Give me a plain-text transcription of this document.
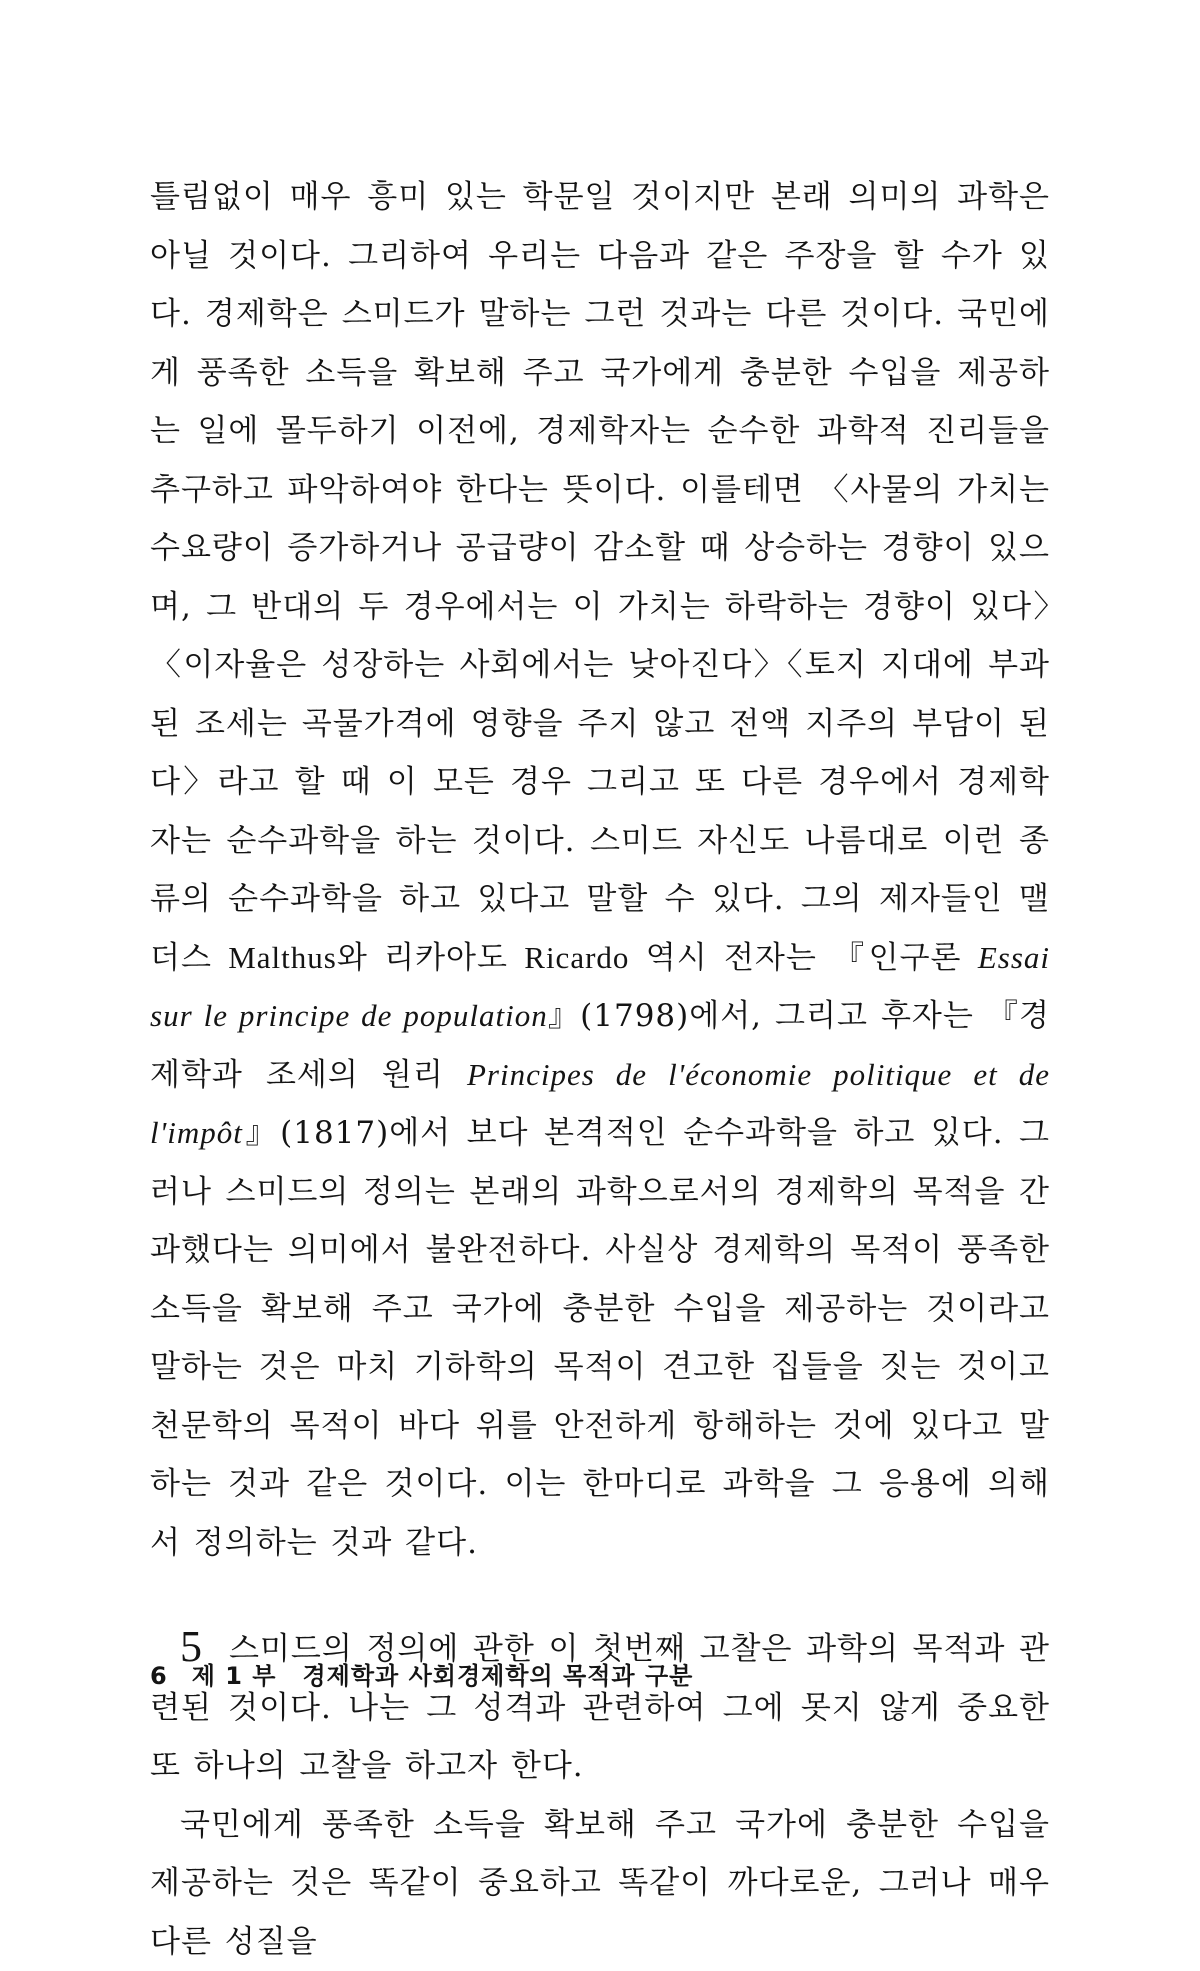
틀림없이 매우 흥미 있는 학문일 것이지만 본래 의미의 과학은 아닐 것이다. 그리하여 우리는 다음과 같은 주장을 할 수가 있다. 경제학은 스미드가 말하는 그런 것과는 다른 것이다. 국민에게 풍족한 소득을 확보해 주고 국가에게 충분한 수입을 제공하는 일에 몰두하기 이전에, 경제학자는 순수한 과학적 진리들을 추구하고 파악하여야 한다는 뜻이다. 이를테면 〈사물의 가치는 수요량이 증가하거나 공급량이 감소할 때 상승하는 경향이 있으며, 그 반대의 두 경우에서는 이 가치는 하락하는 경향이 있다〉〈이자율은 성장하는 사회에서는 낮아진다〉〈토지 지대에 부과된 조세는 곡물가격에 영향을 주지 않고 전액 지주의 부담이 된다〉라고 할 때 이 모든 경우 그리고 또 다른 경우에서 경제학자는 순수과학을 하는 것이다. 스미드 자신도 나름대로 이런 종류의 순수과학을 하고 있다고 말할 수 있다. 그의 제자들인 맬더스 Malthus와 리카아도 Ricardo 역시 전자는 『인구론 Essai sur le principe de population』(1798)에서, 그리고 후자는 『경제학과 조세의 원리 Principes de l'économie politique et de l'impôt』(1817)에서 보다 본격적인 순수과학을 하고 있다. 그러나 스미드의 정의는 본래의 과학으로서의 경제학의 목적을 간과했다는 의미에서 불완전하다. 사실상 경제학의 목적이 풍족한 소득을 확보해 주고 국가에 충분한 수입을 제공하는 것이라고 말하는 것은 마치 기하학의 목적이 견고한 집들을 짓는 것이고 천문학의 목적이 바다 위를 안전하게 항해하는 것에 있다고 말하는 것과 같은 것이다. 이는 한마디로 과학을 그 응용에 의해서 정의하는 것과 같다.

5 스미드의 정의에 관한 이 첫번째 고찰은 과학의 목적과 관련된 것이다. 나는 그 성격과 관련하여 그에 못지 않게 중요한 또 하나의 고찰을 하고자 한다.

국민에게 풍족한 소득을 확보해 주고 국가에 충분한 수입을 제공하는 것은 똑같이 중요하고 똑같이 까다로운, 그러나 매우 다른 성질을

6 제 1 부 경제학과 사회경제학의 목적과 구분
